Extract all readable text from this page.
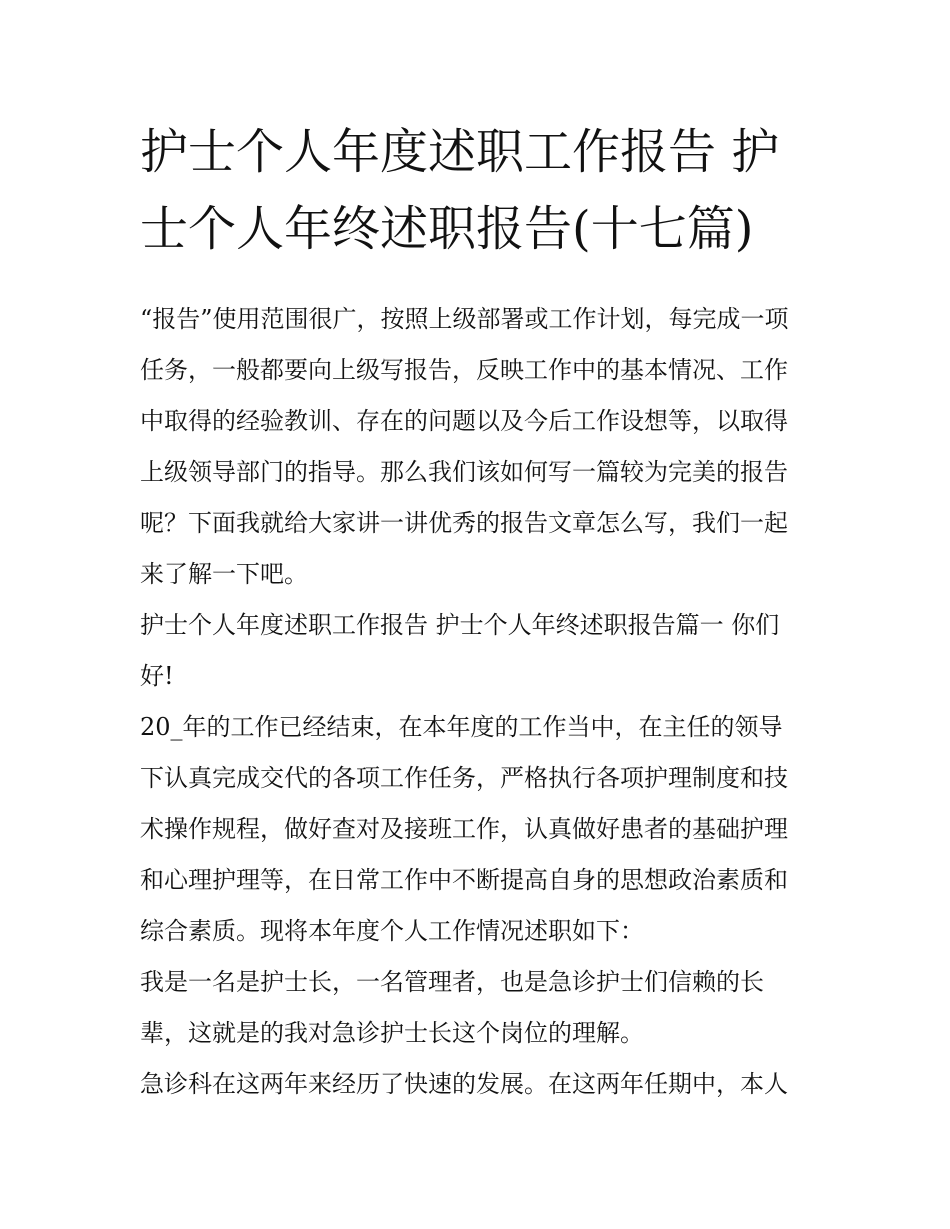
护士个人年度述职工作报告 护
士个人年终述职报告(十七篇)
“报告”使用范围很广，按照上级部署或工作计划，每完成一项
任务，一般都要向上级写报告，反映工作中的基本情况、工作
中取得的经验教训、存在的问题以及今后工作设想等，以取得
上级领导部门的指导。那么我们该如何写一篇较为完美的报告
呢？下面我就给大家讲一讲优秀的报告文章怎么写，我们一起
来了解一下吧。
护士个人年度述职工作报告 护士个人年终述职报告篇一 你们
好!
20_年的工作已经结束，在本年度的工作当中，在主任的领导
下认真完成交代的各项工作任务，严格执行各项护理制度和技
术操作规程，做好查对及接班工作，认真做好患者的基础护理
和心理护理等，在日常工作中不断提高自身的思想政治素质和
综合素质。现将本年度个人工作情况述职如下：
我是一名是护士长，一名管理者，也是急诊护士们信赖的长
辈，这就是的我对急诊护士长这个岗位的理解。
急诊科在这两年来经历了快速的发展。在这两年任期中，本人
